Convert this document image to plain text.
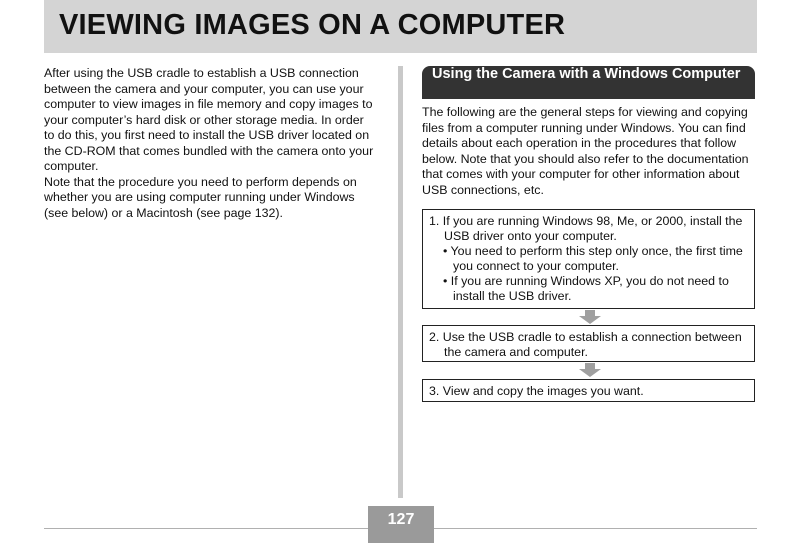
VIEWING IMAGES ON A COMPUTER

After using the USB cradle to establish a USB connection between the camera and your computer, you can use your computer to view images in file memory and copy images to your computer’s hard disk or other storage media. In order to do this, you first need to install the USB driver located on the CD-ROM that comes bundled with the camera onto your computer.

Note that the procedure you need to perform depends on whether you are using computer running under Windows (see below) or a Macintosh (see page 132).

Using the Camera with a Windows Computer

The following are the general steps for viewing and copying files from a computer running under Windows. You can find details about each operation in the procedures that follow below. Note that you should also refer to the documentation that comes with your computer for other information about USB connections, etc.

1. If you are running Windows 98, Me, or 2000, install the USB driver onto your computer.
• You need to perform this step only once, the first time you connect to your computer.
• If you are running Windows XP, you do not need to install the USB driver.
2. Use the USB cradle to establish a connection between the camera and computer.
3. View and copy the images you want.
127
